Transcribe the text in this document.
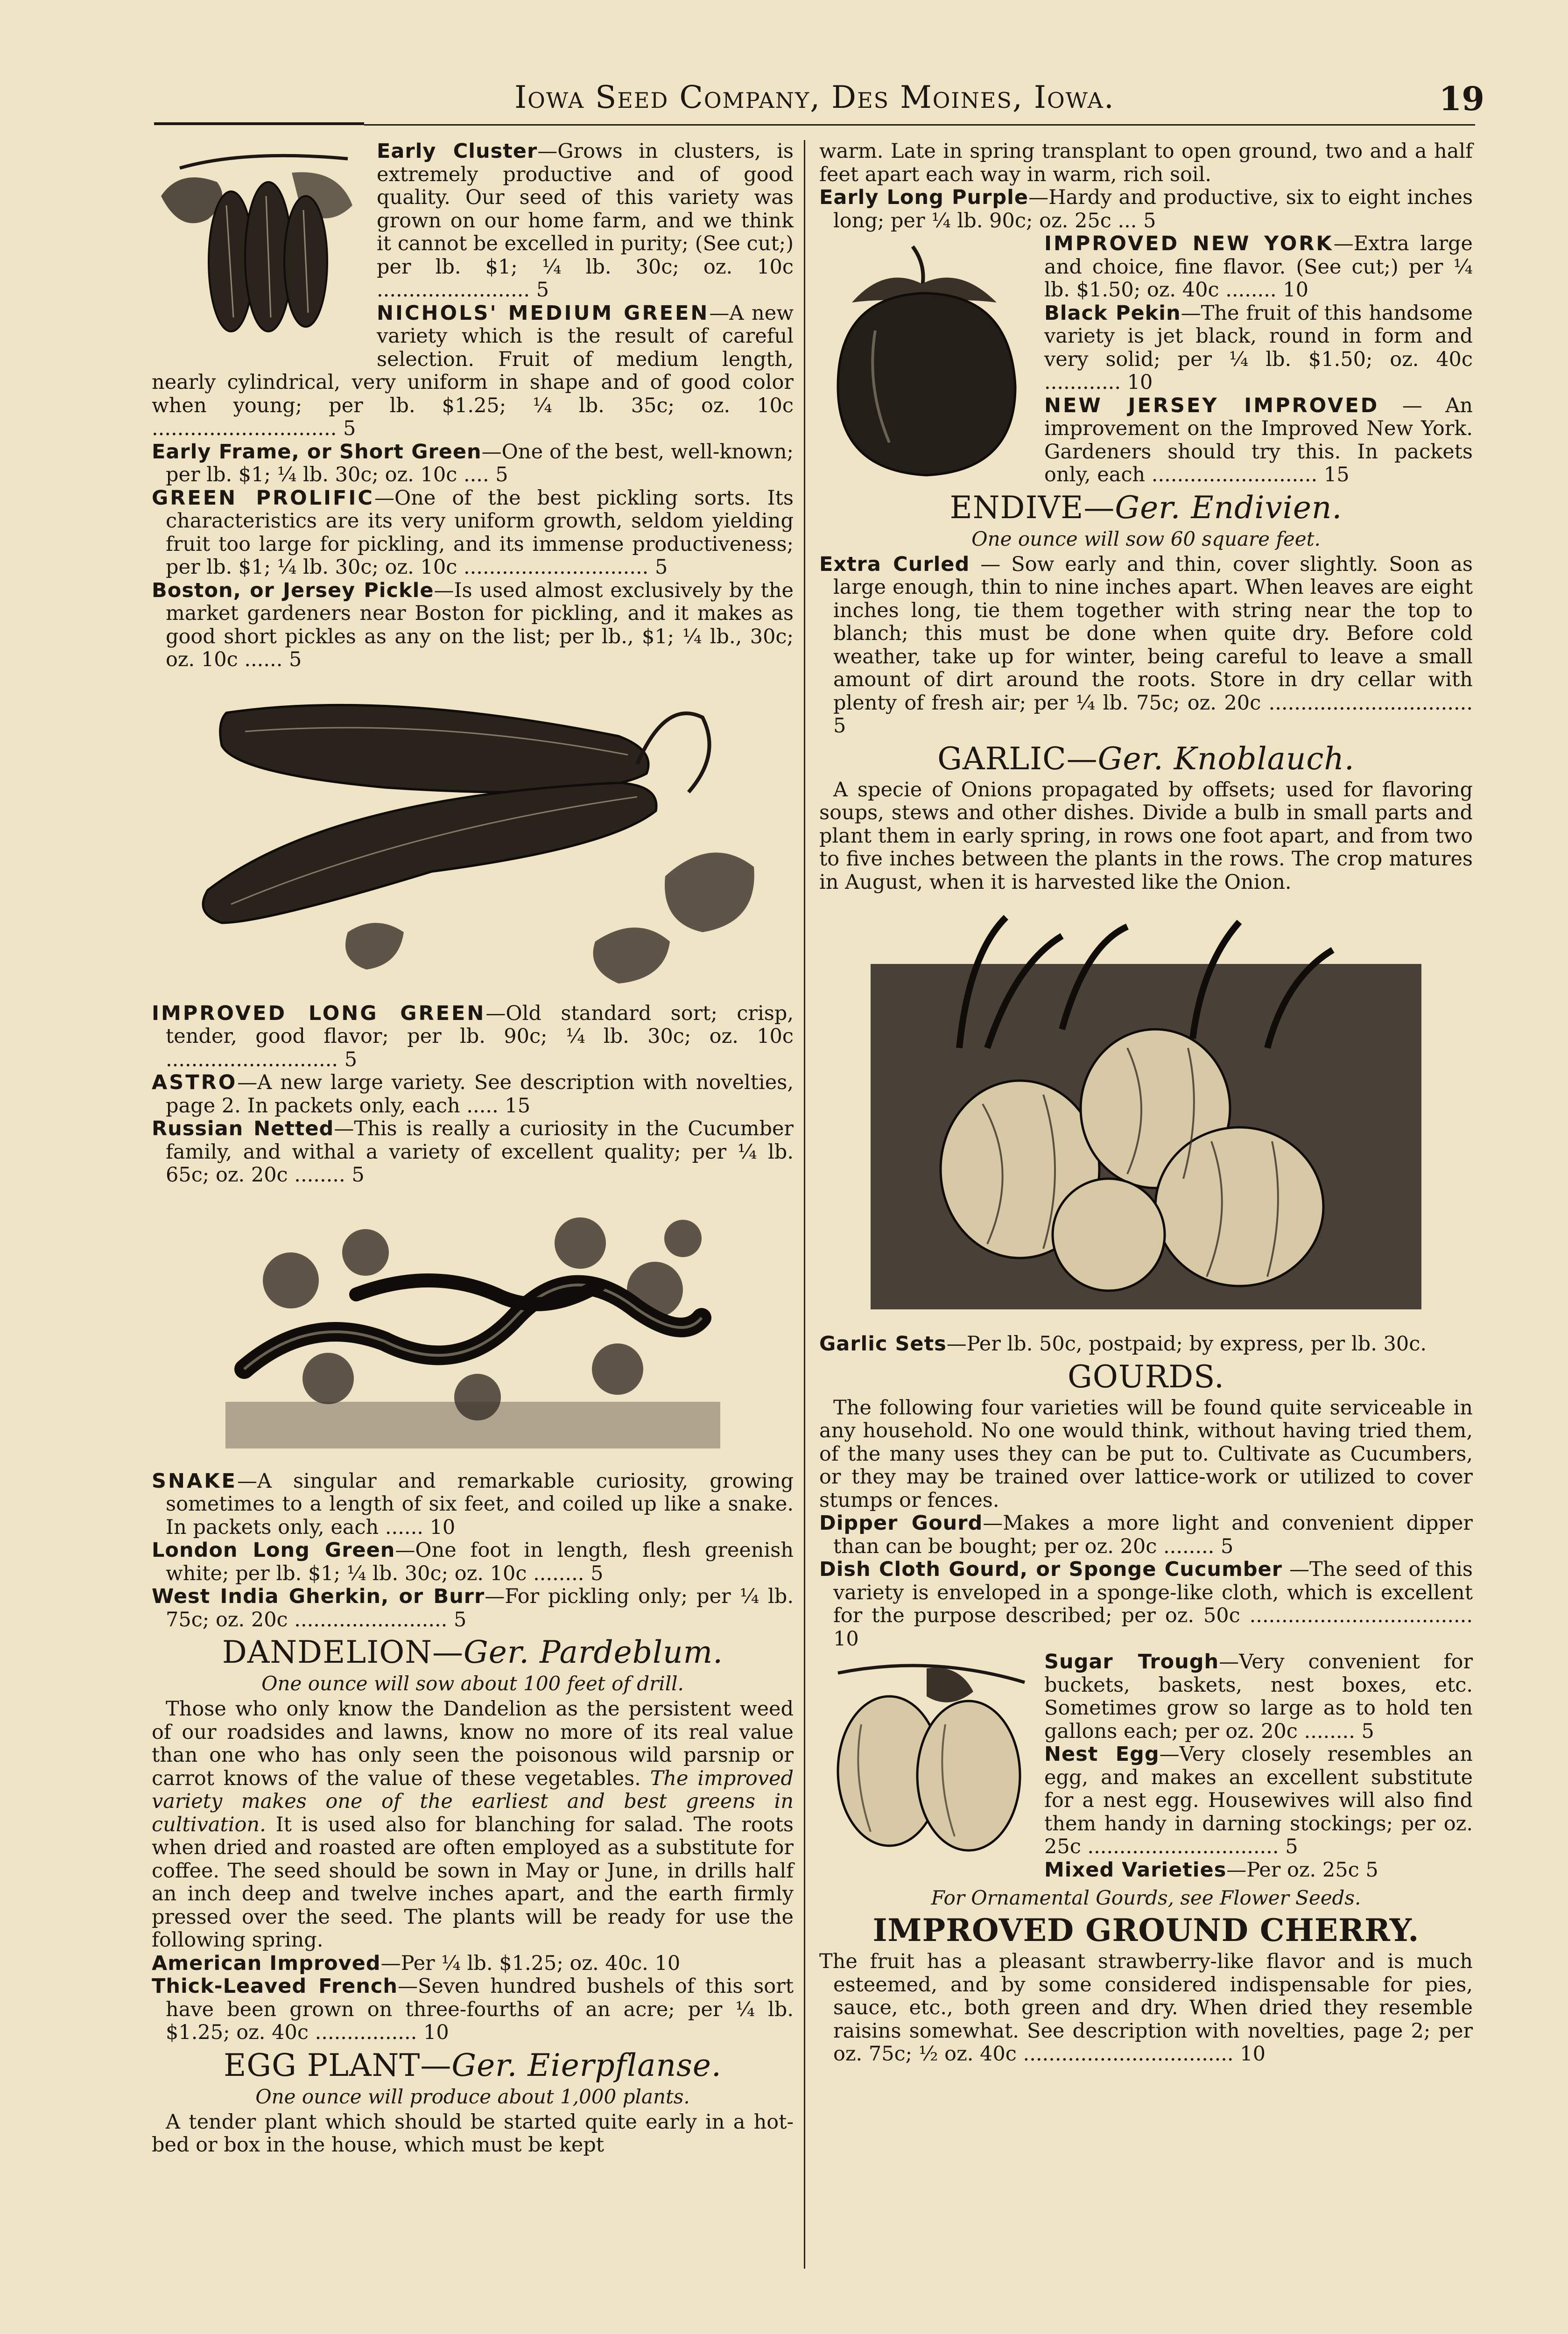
Iowa Seed Company, Des Moines, Iowa.	19

Early Cluster—Grows in clusters, is extremely productive and of good quality. Our seed of this variety was grown on our home farm, and we think it cannot be excelled in purity; (See cut;) per lb. $1; ¼ lb. 30c; oz. 10c ........................ 5

NICHOLS' MEDIUM GREEN—A new variety which is the result of careful selection. Fruit of medium length, nearly cylindrical, very uniform in shape and of good color when young; per lb. $1.25; ¼ lb. 35c; oz. 10c ............................. 5

Early Frame, or Short Green—One of the best, well-known; per lb. $1; ¼ lb. 30c; oz. 10c .... 5

GREEN PROLIFIC—One of the best pickling sorts. Its characteristics are its very uniform growth, seldom yielding fruit too large for pickling, and its immense productiveness; per lb. $1; ¼ lb. 30c; oz. 10c ............................. 5

Boston, or Jersey Pickle—Is used almost exclusively by the market gardeners near Boston for pickling, and it makes as good short pickles as any on the list; per lb., $1; ¼ lb., 30c; oz. 10c ...... 5

IMPROVED LONG GREEN—Old standard sort; crisp, tender, good flavor; per lb. 90c; ¼ lb. 30c; oz. 10c ........................... 5

ASTRO—A new large variety. See description with novelties, page 2. In packets only, each ..... 15

Russian Netted—This is really a curiosity in the Cucumber family, and withal a variety of excellent quality; per ¼ lb. 65c; oz. 20c ........ 5

SNAKE—A singular and remarkable curiosity, growing sometimes to a length of six feet, and coiled up like a snake. In packets only, each ...... 10

London Long Green—One foot in length, flesh greenish white; per lb. $1; ¼ lb. 30c; oz. 10c ........ 5

West India Gherkin, or Burr—For pickling only; per ¼ lb. 75c; oz. 20c ........................ 5

DANDELION—Ger. Pardeblum.
One ounce will sow about 100 feet of drill.

Those who only know the Dandelion as the persistent weed of our roadsides and lawns, know no more of its real value than one who has only seen the poisonous wild parsnip or carrot knows of the value of these vegetables. The improved variety makes one of the earliest and best greens in cultivation. It is used also for blanching for salad. The roots when dried and roasted are often employed as a substitute for coffee. The seed should be sown in May or June, in drills half an inch deep and twelve inches apart, and the earth firmly pressed over the seed. The plants will be ready for use the following spring.

American Improved—Per ¼ lb. $1.25; oz. 40c. 10

Thick-Leaved French—Seven hundred bushels of this sort have been grown on three-fourths of an acre; per ¼ lb. $1.25; oz. 40c ................ 10

EGG PLANT—Ger. Eierpflanse.
One ounce will produce about 1,000 plants.

A tender plant which should be started quite early in a hot-bed or box in the house, which must be kept

warm. Late in spring transplant to open ground, two and a half feet apart each way in warm, rich soil.

Early Long Purple—Hardy and productive, six to eight inches long; per ¼ lb. 90c; oz. 25c ... 5

IMPROVED NEW YORK—Extra large and choice, fine flavor. (See cut;) per ¼ lb. $1.50; oz. 40c ........ 10

Black Pekin—The fruit of this handsome variety is jet black, round in form and very solid; per ¼ lb. $1.50; oz. 40c ............ 10

NEW JERSEY IMPROVED — An improvement on the Improved New York. Gardeners should try this. In packets only, each .......................... 15

ENDIVE—Ger. Endivien.
One ounce will sow 60 square feet.

Extra Curled — Sow early and thin, cover slightly. Soon as large enough, thin to nine inches apart. When leaves are eight inches long, tie them together with string near the top to blanch; this must be done when quite dry. Before cold weather, take up for winter, being careful to leave a small amount of dirt around the roots. Store in dry cellar with plenty of fresh air; per ¼ lb. 75c; oz. 20c ................................ 5

GARLIC—Ger. Knoblauch.

A specie of Onions propagated by offsets; used for flavoring soups, stews and other dishes. Divide a bulb in small parts and plant them in early spring, in rows one foot apart, and from two to five inches between the plants in the rows. The crop matures in August, when it is harvested like the Onion.

Garlic Sets—Per lb. 50c, postpaid; by express, per lb. 30c.

GOURDS.

The following four varieties will be found quite serviceable in any household. No one would think, without having tried them, of the many uses they can be put to. Cultivate as Cucumbers, or they may be trained over lattice-work or utilized to cover stumps or fences.

Dipper Gourd—Makes a more light and convenient dipper than can be bought; per oz. 20c ........ 5

Dish Cloth Gourd, or Sponge Cucumber —The seed of this variety is enveloped in a sponge-like cloth, which is excellent for the purpose described; per oz. 50c ................................... 10

Sugar Trough—Very convenient for buckets, baskets, nest boxes, etc. Sometimes grow so large as to hold ten gallons each; per oz. 20c ........ 5

Nest Egg—Very closely resembles an egg, and makes an excellent substitute for a nest egg. Housewives will also find them handy in darning stockings; per oz. 25c .............................. 5

Mixed Varieties—Per oz. 25c 5

For Ornamental Gourds, see Flower Seeds.
IMPROVED GROUND CHERRY.

The fruit has a pleasant strawberry-like flavor and is much esteemed, and by some considered indispensable for pies, sauce, etc., both green and dry. When dried they resemble raisins somewhat. See description with novelties, page 2; per oz. 75c; ½ oz. 40c ................................. 10
